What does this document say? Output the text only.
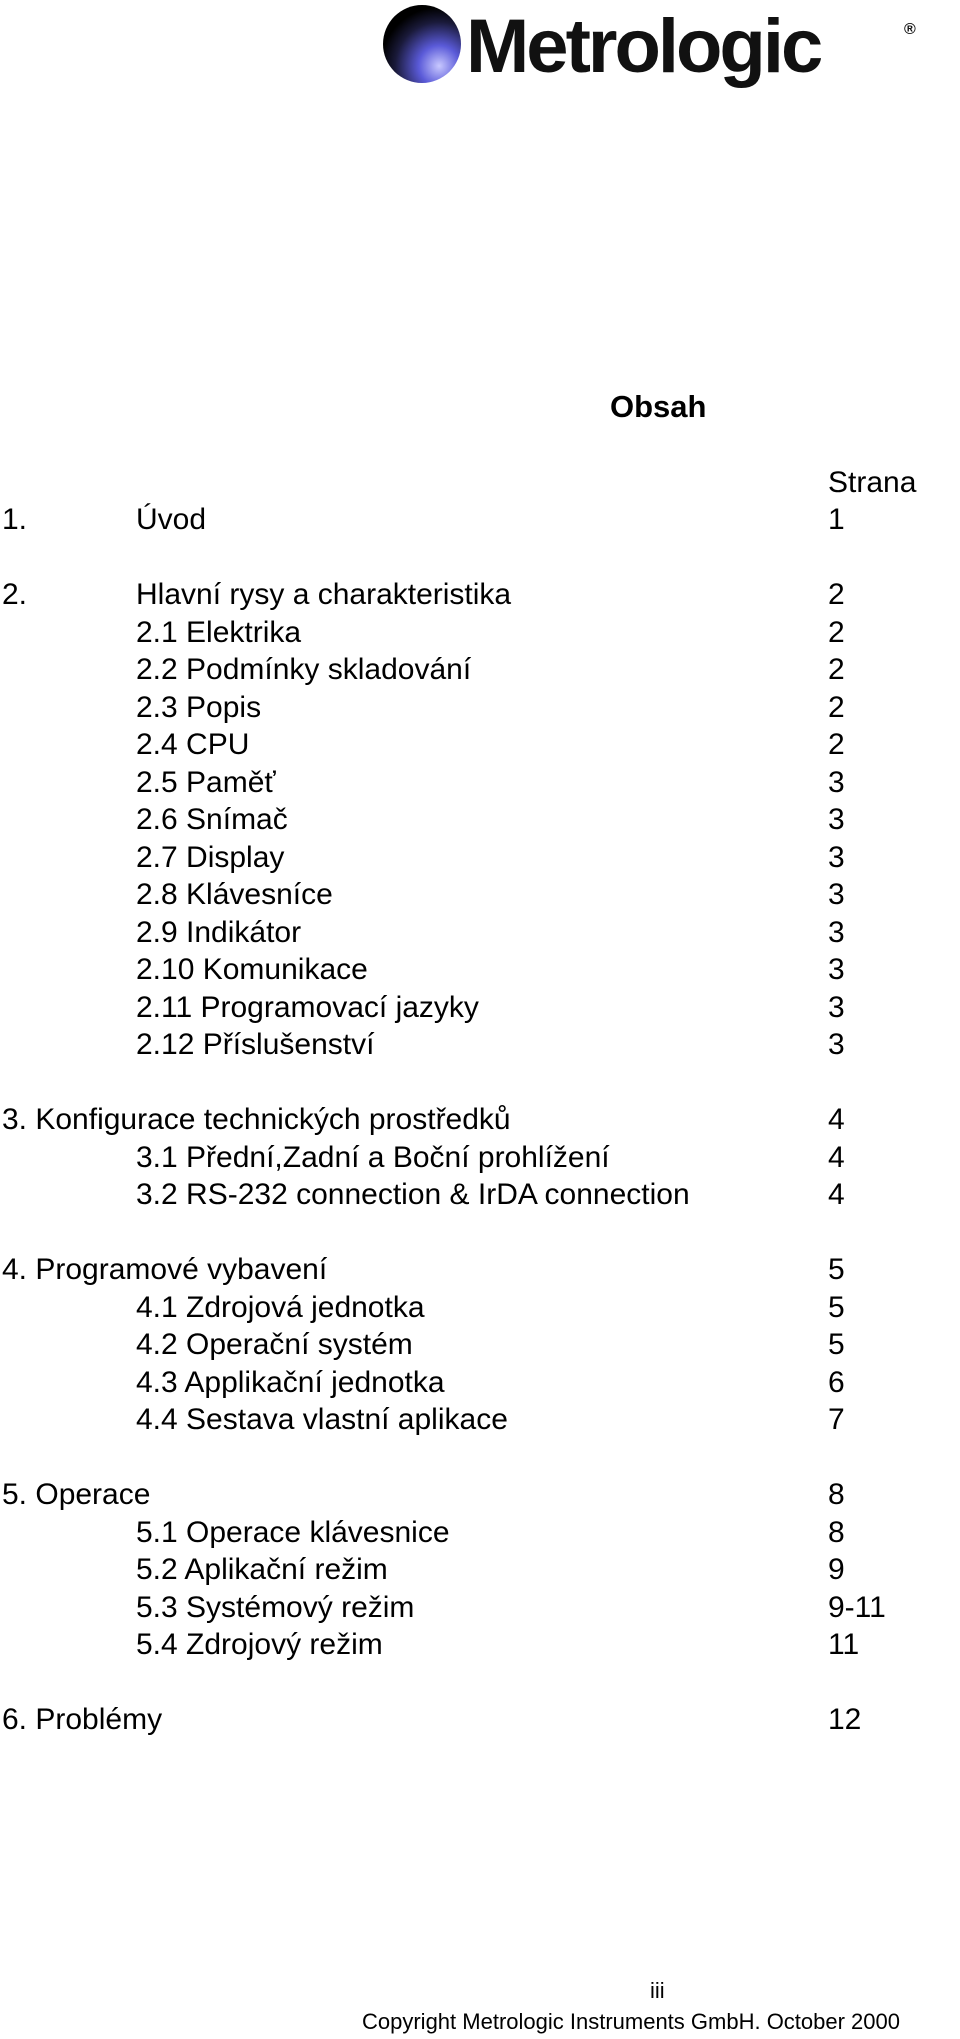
Metrologic	®
Obsah
Strana
1.	Úvod	1
2.	Hlavní rysy a charakteristika	2
2.1 Elektrika	2
2.2 Podmínky skladování	2
2.3 Popis	2
2.4 CPU	2
2.5 Paměť	3
2.6 Snímač	3
2.7 Display	3
2.8 Klávesníce	3
2.9 Indikátor	3
2.10 Komunikace	3
2.11 Programovací jazyky	3
2.12 Příslušenství	3
3. Konfigurace technických prostředků	4
3.1 Přední,Zadní a Boční prohlížení	4
3.2 RS-232 connection & IrDA connection	4
4. Programové vybavení	5
4.1 Zdrojová jednotka	5
4.2 Operační systém	5
4.3 Applikační jednotka	6
4.4 Sestava vlastní aplikace	7
5. Operace	8
5.1 Operace klávesnice	8
5.2 Aplikační režim	9
5.3 Systémový režim	9-11
5.4 Zdrojový režim	11
6. Problémy	12
iii
Copyright Metrologic Instruments GmbH. October 2000
